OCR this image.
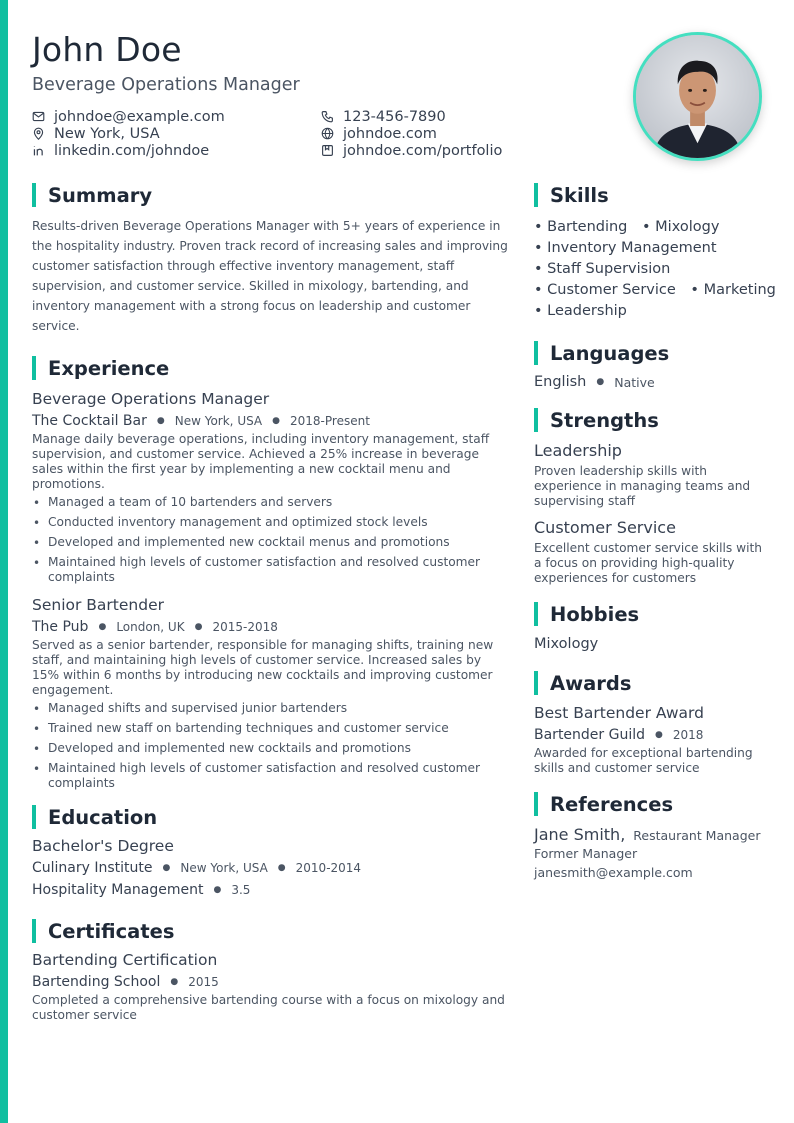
John Doe
Beverage Operations Manager
johndoe@example.com	123-456-7890
New York, USA	johndoe.com
linkedin.com/johndoe	johndoe.com/portfolio
Summary

Results-driven Beverage Operations Manager with 5+ years of experience in the hospitality industry. Proven track record of increasing sales and improving customer satisfaction through effective inventory management, staff supervision, and customer service. Skilled in mixology, bartending, and inventory management with a strong focus on leadership and customer service.

Experience
Beverage Operations Manager
The Cocktail Bar ● New York, USA ● 2018-Present

Manage daily beverage operations, including inventory management, staff supervision, and customer service. Achieved a 25% increase in beverage sales within the first year by implementing a new cocktail menu and promotions.

• Managed a team of 10 bartenders and servers
• Conducted inventory management and optimized stock levels
• Developed and implemented new cocktail menus and promotions
• Maintained high levels of customer satisfaction and resolved customer complaints
Senior Bartender
The Pub ● London, UK ● 2015-2018

Served as a senior bartender, responsible for managing shifts, training new staff, and maintaining high levels of customer service. Increased sales by 15% within 6 months by introducing new cocktails and improving customer engagement.

• Managed shifts and supervised junior bartenders
• Trained new staff on bartending techniques and customer service
• Developed and implemented new cocktails and promotions
• Maintained high levels of customer satisfaction and resolved customer complaints
Education
Bachelor's Degree
Culinary Institute ● New York, USA ● 2010-2014
Hospitality Management ● 3.5
Certificates
Bartending Certification
Bartending School ● 2015

Completed a comprehensive bartending course with a focus on mixology and customer service

Skills
• Bartending • Mixology
• Inventory Management
• Staff Supervision
• Customer Service • Marketing
• Leadership
Languages
English ● Native
Strengths
Leadership

Proven leadership skills with experience in managing teams and supervising staff

Customer Service

Excellent customer service skills with a focus on providing high-quality experiences for customers

Hobbies
Mixology
Awards
Best Bartender Award
Bartender Guild ● 2018

Awarded for exceptional bartending skills and customer service

References
Jane Smith, Restaurant Manager
Former Manager
janesmith@example.com
